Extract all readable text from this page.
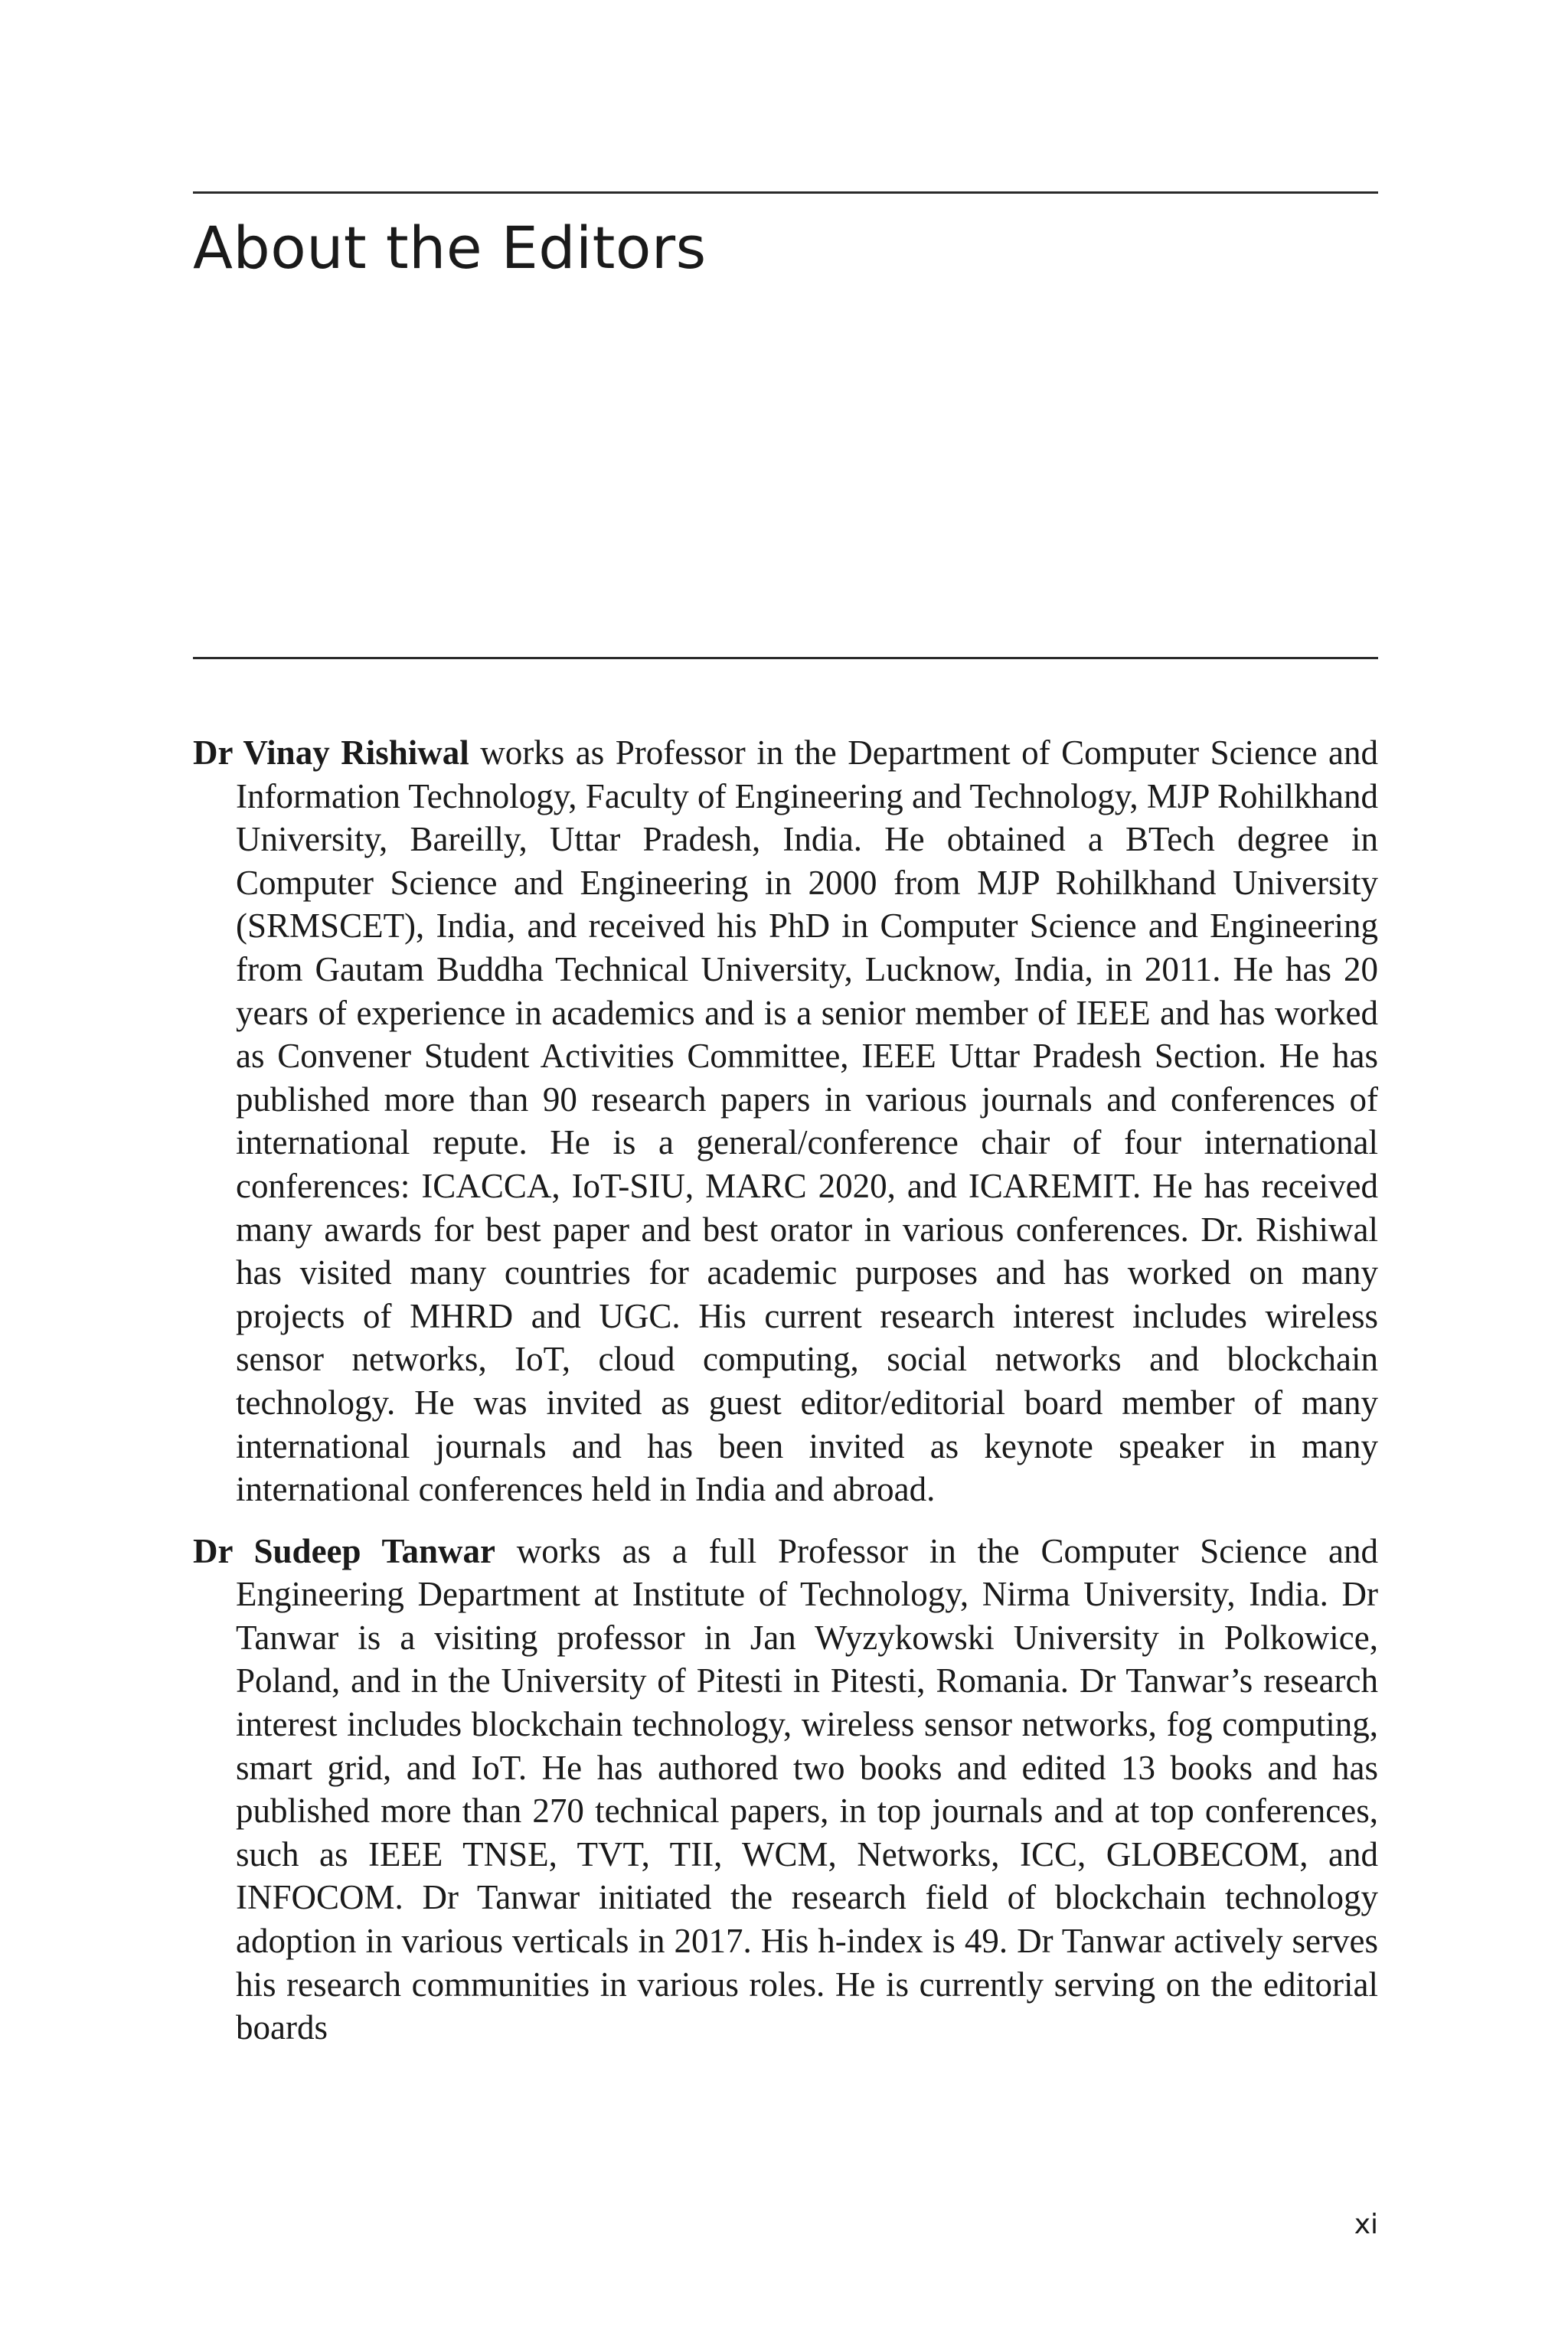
About the Editors

Dr Vinay Rishiwal works as Professor in the Department of Computer Science and Information Technology, Faculty of Engineering and Technology, MJP Rohilkhand University, Bareilly, Uttar Pradesh, India. He obtained a BTech degree in Computer Science and Engineering in 2000 from MJP Rohilkhand University (SRMSCET), India, and received his PhD in Computer Science and Engineering from Gautam Buddha Technical University, Lucknow, India, in 2011. He has 20 years of experience in academics and is a senior member of IEEE and has worked as Convener Student Activities Committee, IEEE Uttar Pradesh Section. He has published more than 90 research papers in various journals and conferences of international repute. He is a general/conference chair of four international conferences: ICACCA, IoT-SIU, MARC 2020, and ICAREMIT. He has received many awards for best paper and best orator in various conferences. Dr. Rishiwal has visited many countries for academic purposes and has worked on many projects of MHRD and UGC. His current research interest includes wireless sensor networks, IoT, cloud computing, social networks and blockchain technology. He was invited as guest editor/editorial board member of many international journals and has been invited as keynote speaker in many international conferences held in India and abroad.

Dr Sudeep Tanwar works as a full Professor in the Computer Science and Engineering Department at Institute of Technology, Nirma University, India. Dr Tanwar is a visiting professor in Jan Wyzykowski University in Polkowice, Poland, and in the University of Pitesti in Pitesti, Romania. Dr Tanwar’s research interest includes blockchain technology, wireless sensor networks, fog computing, smart grid, and IoT. He has authored two books and edited 13 books and has published more than 270 technical papers, in top journals and at top conferences, such as IEEE TNSE, TVT, TII, WCM, Networks, ICC, GLOBECOM, and INFOCOM. Dr Tanwar initiated the research field of blockchain technology adoption in various verticals in 2017. His h-index is 49. Dr Tanwar actively serves his research communities in various roles. He is currently serving on the editorial boards

xi
